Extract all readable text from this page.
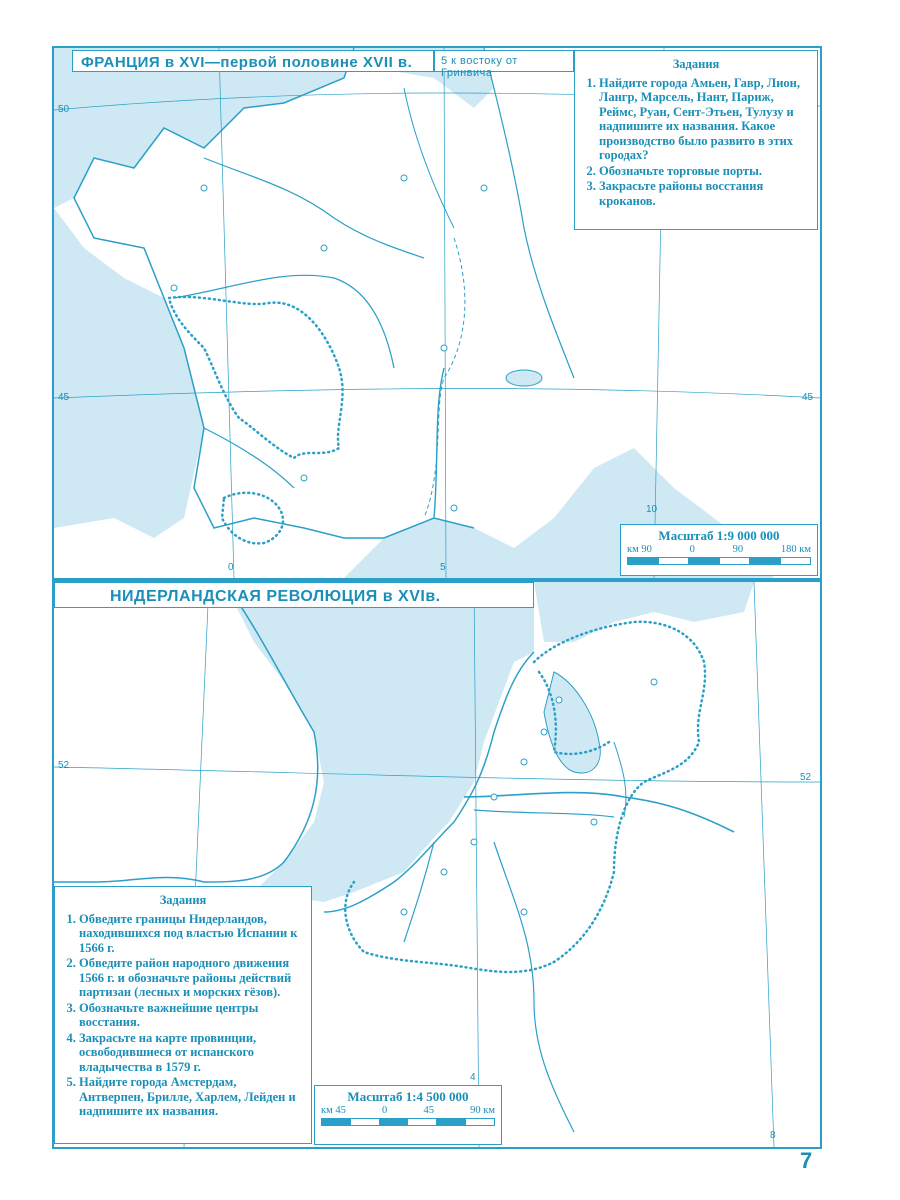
ФРАНЦИЯ в XVI—первой половине XVII в.	5 к востоку от Гринвича
Задания
1. Найдите города Амьен, Гавр, Лион, Лангр, Марсель, Нант, Париж, Реймс, Руан, Сент-Этьен, Тулузу и надпишите их названия. Какое производство было развито в этих городах?
2. Обозначьте торговые порты.
3. Закрасьте районы восстания кроканов.
Масштаб 1:9 000 000
км 90	0	90	180 км
50
45	45
0	5
10
НИДЕРЛАНДСКАЯ РЕВОЛЮЦИЯ в XVIв.
Задания
1. Обведите границы Нидерландов, находившихся под властью Испании к 1566 г.
2. Обведите район народного движения 1566 г. и обозначьте районы действий партизан (лесных и морских гёзов).
3. Обозначьте важнейшие центры восстания.
4. Закрасьте на карте провинции, освободившиеся от испанского владычества в 1579 г.
5. Найдите города Амстердам, Антверпен, Брилле, Харлем, Лейден и надпишите их названия.
Масштаб 1:4 500 000
км 45	0	45	90 км
52
52
4
8
7
